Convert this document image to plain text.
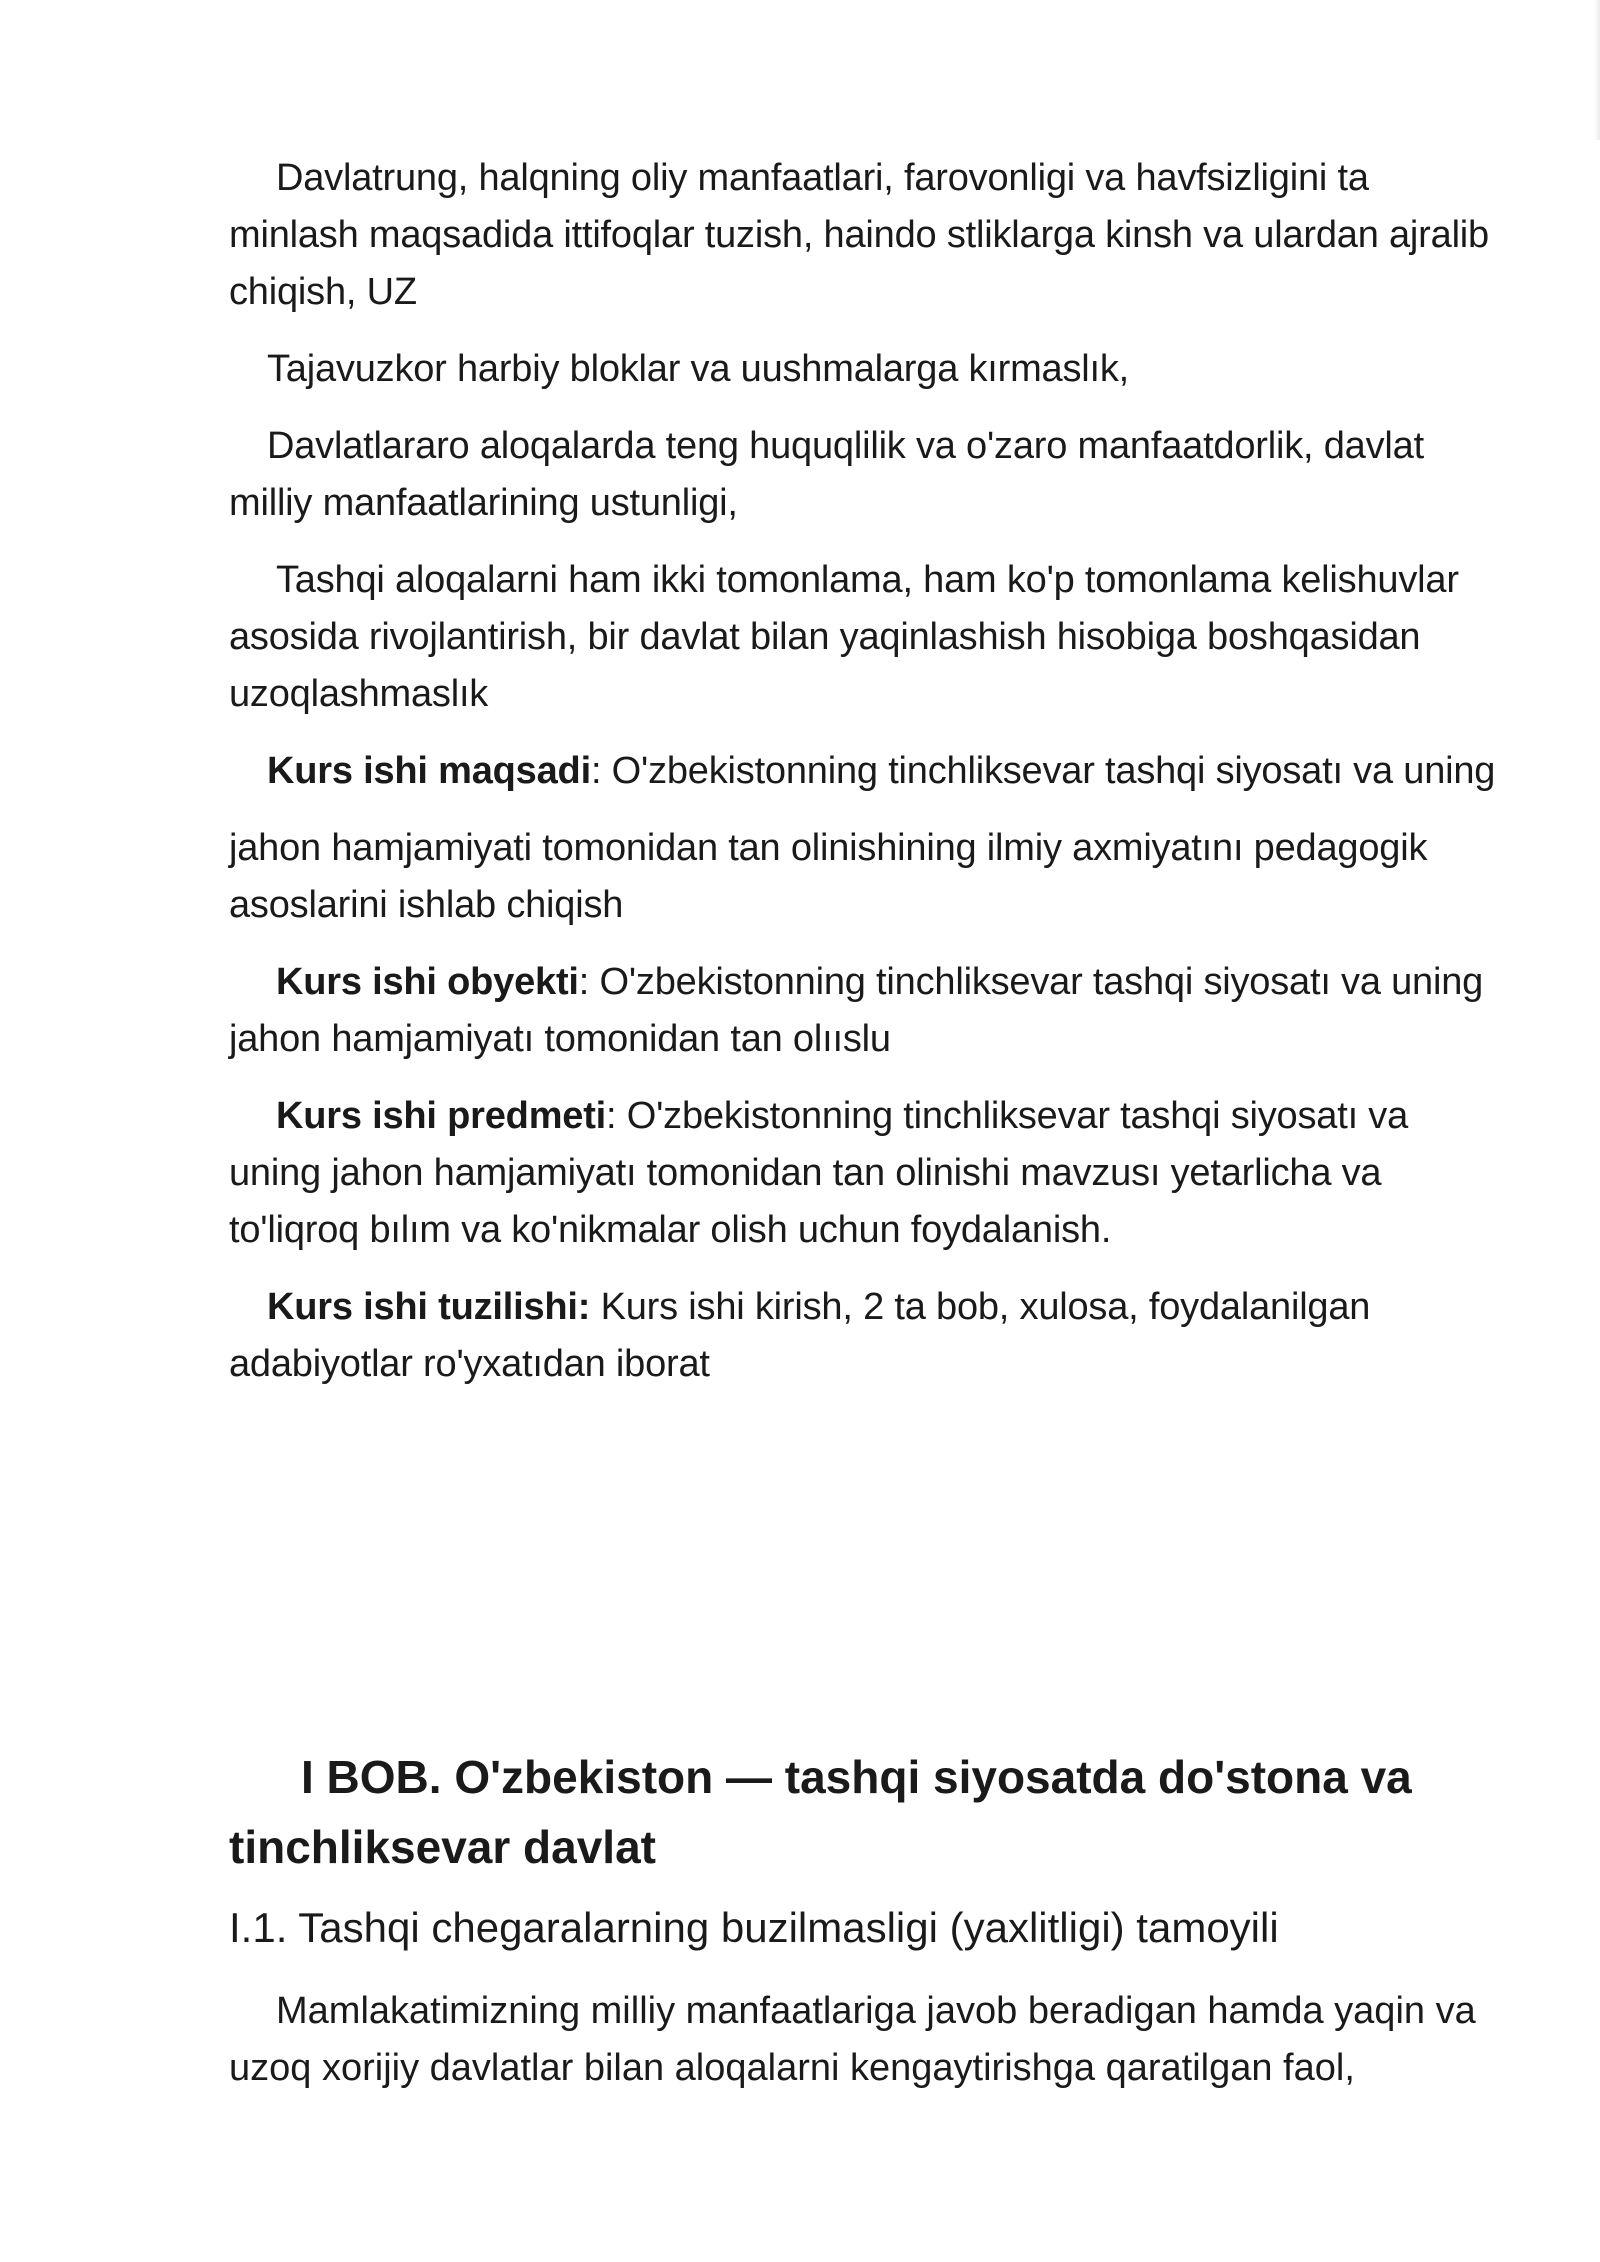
Davlatrung, halqning oliy manfaatlari, farovonligi va havfsizligini ta minlash maqsadida ittifoqlar tuzish, haindo stliklarga kinsh va ulardan ajralib chiqish, UZ

Tajavuzkor harbiy bloklar va uushmalarga kırmaslık,

Davlatlararo aloqalarda teng huquqlilik va o'zaro manfaatdorlik, davlat milliy manfaatlarining ustunligi,

Tashqi aloqalarni ham ikki tomonlama, ham ko'p tomonlama kelishuvlar asosida rivojlantirish, bir davlat bilan yaqinlashish hisobiga boshqasidan uzoqlashmaslık

Kurs ishi maqsadi: O'zbekistonning tinchliksevar tashqi siyosatı va uning

jahon hamjamiyati tomonidan tan olinishining ilmiy axmiyatını pedagogik asoslarini ishlab chiqish

Kurs ishi obyekti: O'zbekistonning tinchliksevar tashqi siyosatı va uning jahon hamjamiyatı tomonidan tan olııslu

Kurs ishi predmeti: O'zbekistonning tinchliksevar tashqi siyosatı va uning jahon hamjamiyatı tomonidan tan olinishi mavzusı yetarlicha va to'liqroq bılım va ko'nikmalar olish uchun foydalanish.

Kurs ishi tuzilishi: Kurs ishi kirish, 2 ta bob, xulosa, foydalanilgan adabiyotlar ro'yxatıdan iborat

I BOB. O'zbekiston — tashqi siyosatda do'stona va tinchliksevar davlat
I.1. Tashqi chegaralarning buzilmasligi (yaxlitligi) tamoyili

Mamlakatimizning milliy manfaatlariga javob beradigan hamda yaqin va uzoq xorijiy davlatlar bilan aloqalarni kengaytirishga qaratilgan faol,
